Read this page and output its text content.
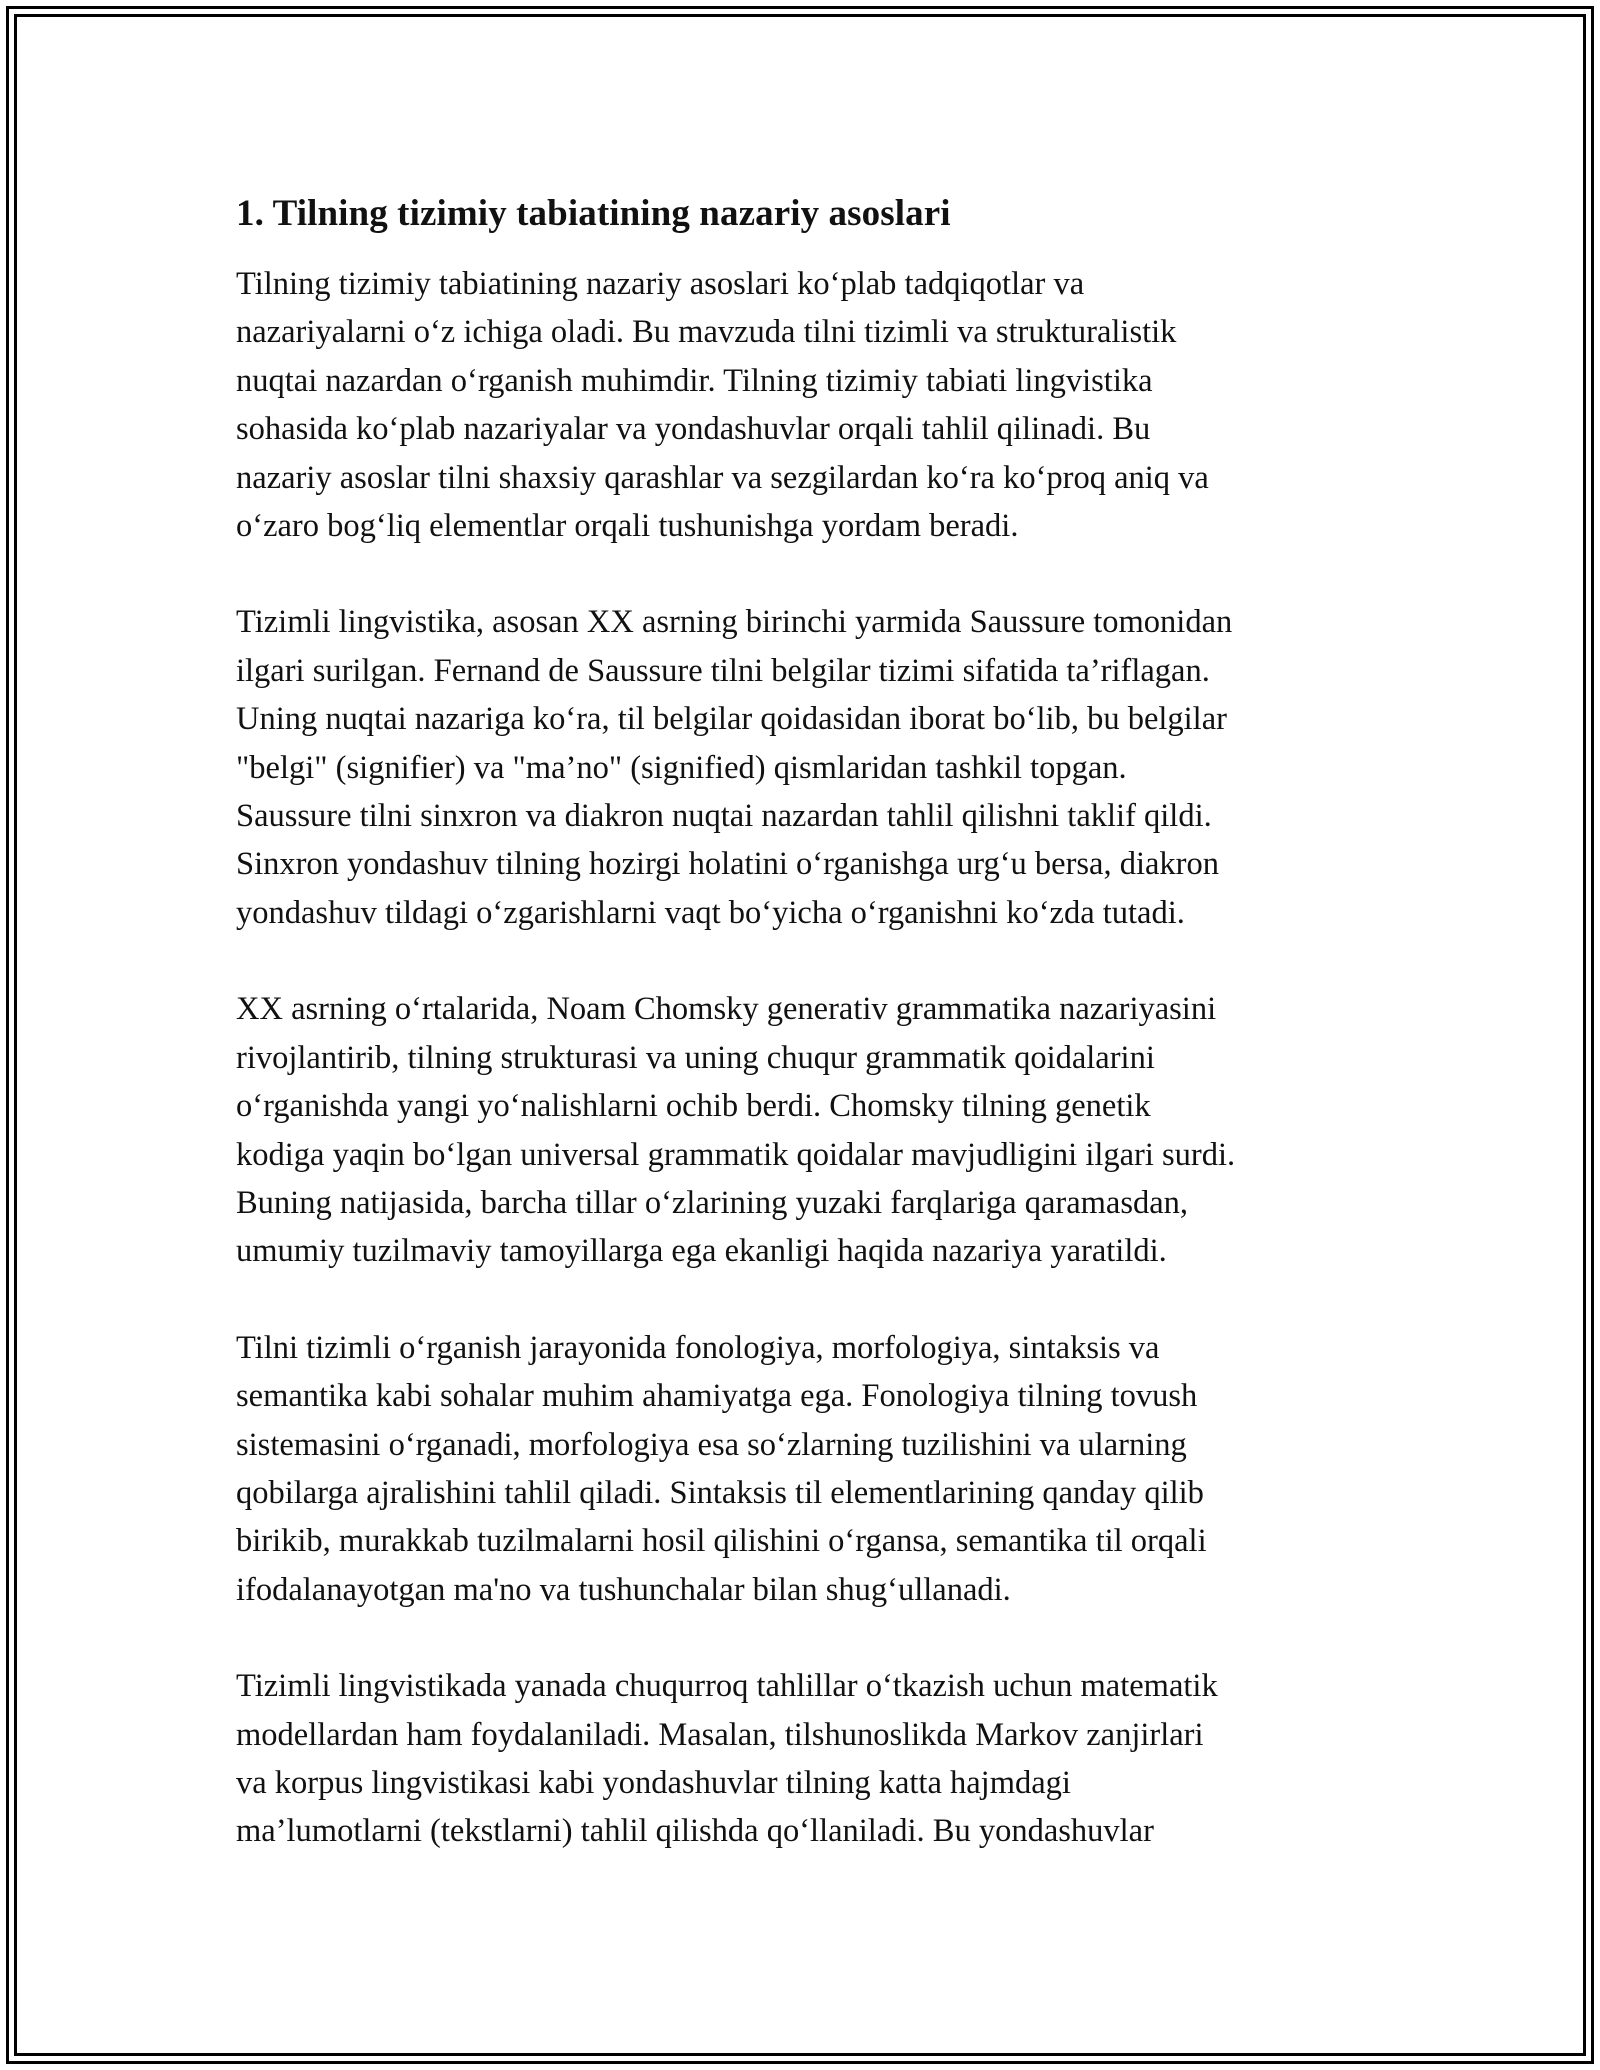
1. Tilning tizimiy tabiatining nazariy asoslari

Tilning tizimiy tabiatining nazariy asoslari ko‘plab tadqiqotlar va
nazariyalarni o‘z ichiga oladi. Bu mavzuda tilni tizimli va strukturalistik
nuqtai nazardan o‘rganish muhimdir. Tilning tizimiy tabiati lingvistika
sohasida ko‘plab nazariyalar va yondashuvlar orqali tahlil qilinadi. Bu
nazariy asoslar tilni shaxsiy qarashlar va sezgilardan ko‘ra ko‘proq aniq va
o‘zaro bog‘liq elementlar orqali tushunishga yordam beradi.

Tizimli lingvistika, asosan XX asrning birinchi yarmida Saussure tomonidan
ilgari surilgan. Fernand de Saussure tilni belgilar tizimi sifatida ta’riflagan.
Uning nuqtai nazariga ko‘ra, til belgilar qoidasidan iborat bo‘lib, bu belgilar
"belgi" (signifier) va "ma’no" (signified) qismlaridan tashkil topgan.
Saussure tilni sinxron va diakron nuqtai nazardan tahlil qilishni taklif qildi.
Sinxron yondashuv tilning hozirgi holatini o‘rganishga urg‘u bersa, diakron
yondashuv tildagi o‘zgarishlarni vaqt bo‘yicha o‘rganishni ko‘zda tutadi.

XX asrning o‘rtalarida, Noam Chomsky generativ grammatika nazariyasini
rivojlantirib, tilning strukturasi va uning chuqur grammatik qoidalarini
o‘rganishda yangi yo‘nalishlarni ochib berdi. Chomsky tilning genetik
kodiga yaqin bo‘lgan universal grammatik qoidalar mavjudligini ilgari surdi.
Buning natijasida, barcha tillar o‘zlarining yuzaki farqlariga qaramasdan,
umumiy tuzilmaviy tamoyillarga ega ekanligi haqida nazariya yaratildi.

Tilni tizimli o‘rganish jarayonida fonologiya, morfologiya, sintaksis va
semantika kabi sohalar muhim ahamiyatga ega. Fonologiya tilning tovush
sistemasini o‘rganadi, morfologiya esa so‘zlarning tuzilishini va ularning
qobilarga ajralishini tahlil qiladi. Sintaksis til elementlarining qanday qilib
birikib, murakkab tuzilmalarni hosil qilishini o‘rgansa, semantika til orqali
ifodalanayotgan ma'no va tushunchalar bilan shug‘ullanadi.

Tizimli lingvistikada yanada chuqurroq tahlillar o‘tkazish uchun matematik
modellardan ham foydalaniladi. Masalan, tilshunoslikda Markov zanjirlari
va korpus lingvistikasi kabi yondashuvlar tilning katta hajmdagi
ma’lumotlarni (tekstlarni) tahlil qilishda qo‘llaniladi. Bu yondashuvlar
